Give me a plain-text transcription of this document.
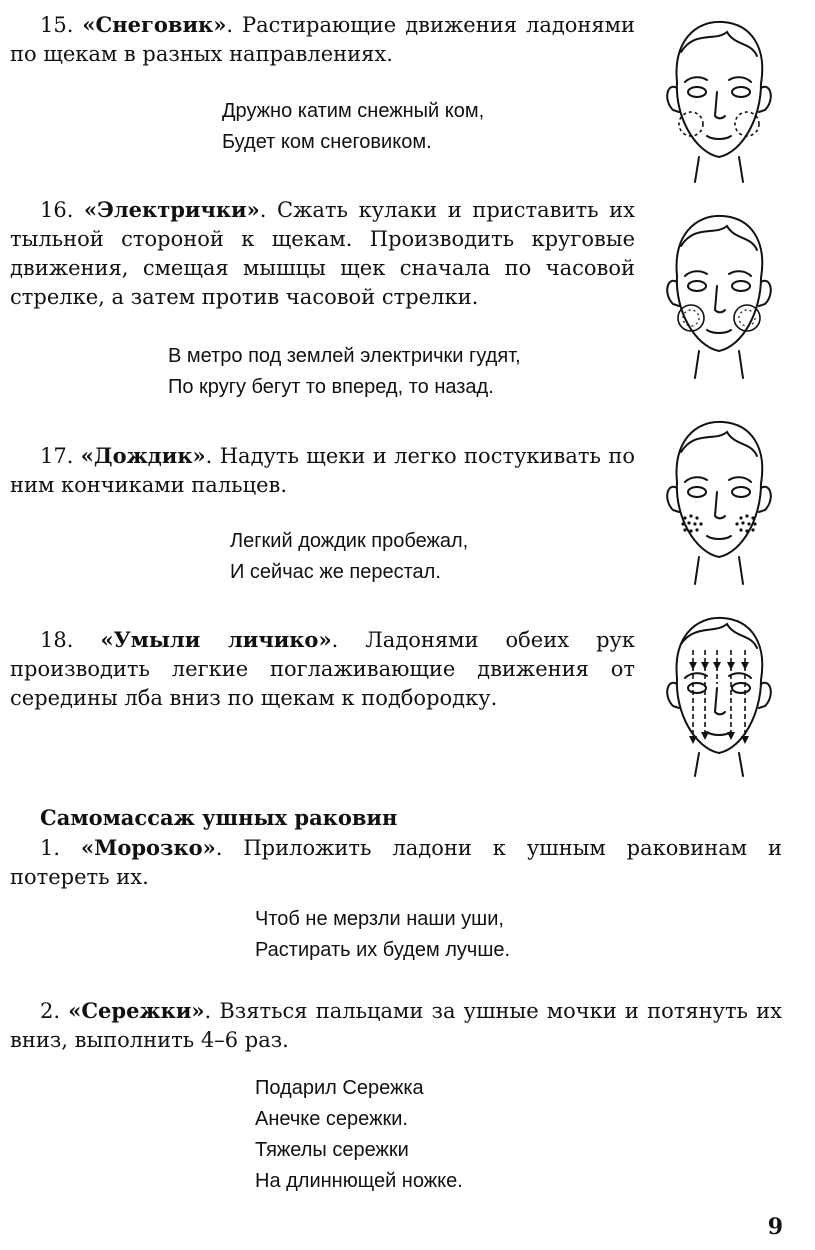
15. «Снеговик». Растирающие движения ладонями по щекам в разных направлениях.

Дружно катим снежный ком,
Будет ком снеговиком.

16. «Электрички». Сжать кулаки и приставить их тыльной стороной к щекам. Производить круговые движения, смещая мышцы щек сначала по часовой стрелке, а затем против часовой стрелки.

В метро под землей электрички гудят,
По кругу бегут то вперед, то назад.

17. «Дождик». Надуть щеки и легко постукивать по ним кончиками пальцев.

Легкий дождик пробежал,
И сейчас же перестал.

18. «Умыли личико». Ладонями обеих рук производить легкие поглаживающие движения от середины лба вниз по щекам к подбородку.

Самомассаж ушных раковин

1. «Морозко». Приложить ладони к ушным раковинам и потереть их.

Чтоб не мерзли наши уши,
Растирать их будем лучше.

2. «Сережки». Взяться пальцами за ушные мочки и потянуть их вниз, выполнить 4–6 раз.

Подарил Сережка
Анечке сережки.
Тяжелы сережки
На длиннющей ножке.
9
